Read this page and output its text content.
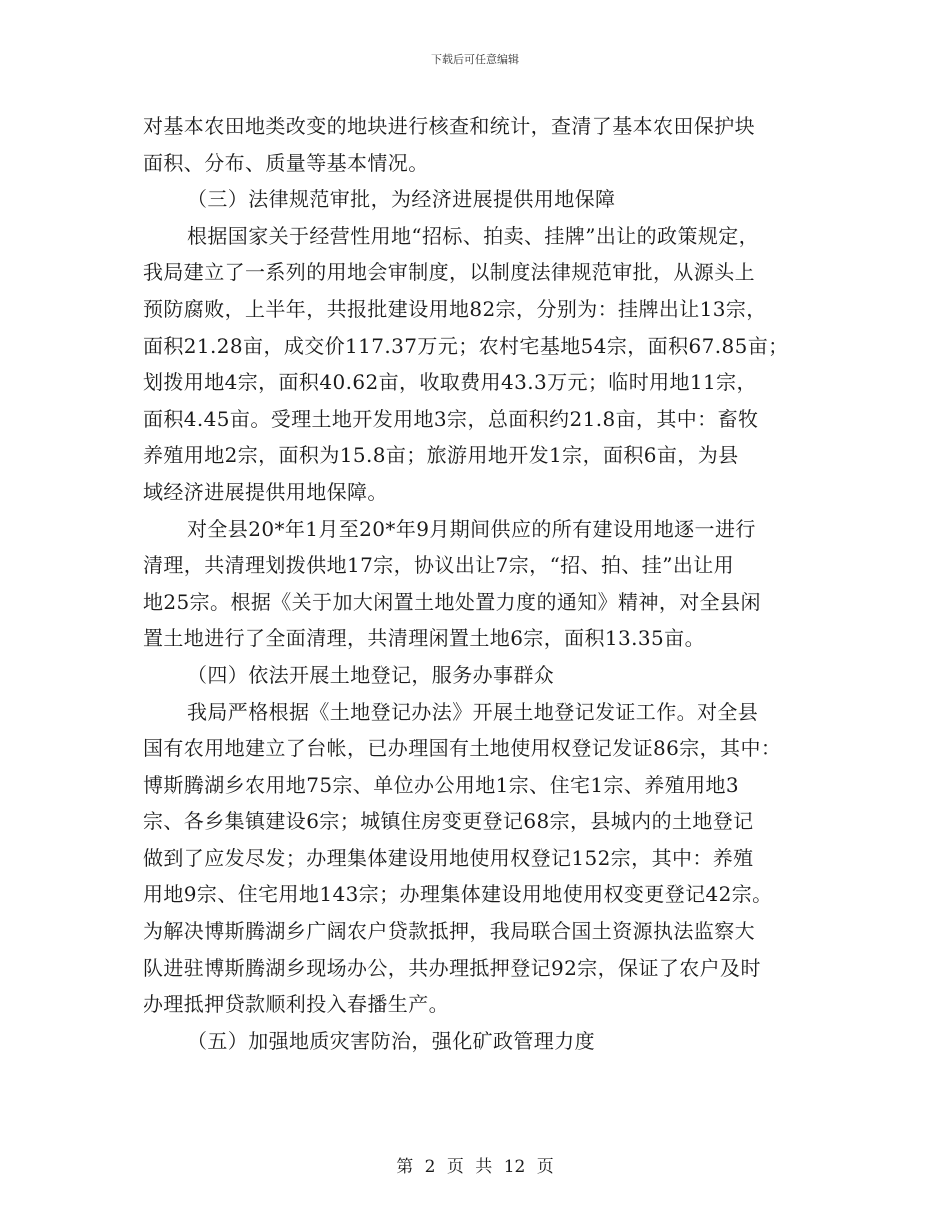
下载后可任意编辑
对基本农田地类改变的地块进行核查和统计，查清了基本农田保护块
面积、分布、质量等基本情况。
（三）法律规范审批，为经济进展提供用地保障
根据国家关于经营性用地“招标、拍卖、挂牌”出让的政策规定，
我局建立了一系列的用地会审制度，以制度法律规范审批，从源头上
预防腐败，上半年，共报批建设用地82宗，分别为：挂牌出让13宗，
面积21.28亩，成交价117.37万元；农村宅基地54宗，面积67.85亩；
划拨用地4宗，面积40.62亩，收取费用43.3万元；临时用地11宗，
面积4.45亩。受理土地开发用地3宗，总面积约21.8亩，其中：畜牧
养殖用地2宗，面积为15.8亩；旅游用地开发1宗，面积6亩，为县
域经济进展提供用地保障。
对全县20*年1月至20*年9月期间供应的所有建设用地逐一进行
清理，共清理划拨供地17宗，协议出让7宗，“招、拍、挂”出让用
地25宗。根据《关于加大闲置土地处置力度的通知》精神，对全县闲
置土地进行了全面清理，共清理闲置土地6宗，面积13.35亩。
（四）依法开展土地登记，服务办事群众
我局严格根据《土地登记办法》开展土地登记发证工作。对全县
国有农用地建立了台帐，已办理国有土地使用权登记发证86宗，其中：
博斯腾湖乡农用地75宗、单位办公用地1宗、住宅1宗、养殖用地3
宗、各乡集镇建设6宗；城镇住房变更登记68宗，县城内的土地登记
做到了应发尽发；办理集体建设用地使用权登记152宗，其中：养殖
用地9宗、住宅用地143宗；办理集体建设用地使用权变更登记42宗。
为解决博斯腾湖乡广阔农户贷款抵押，我局联合国土资源执法监察大
队进驻博斯腾湖乡现场办公，共办理抵押登记92宗，保证了农户及时
办理抵押贷款顺利投入春播生产。
（五）加强地质灾害防治，强化矿政管理力度
第 2 页 共 12 页
